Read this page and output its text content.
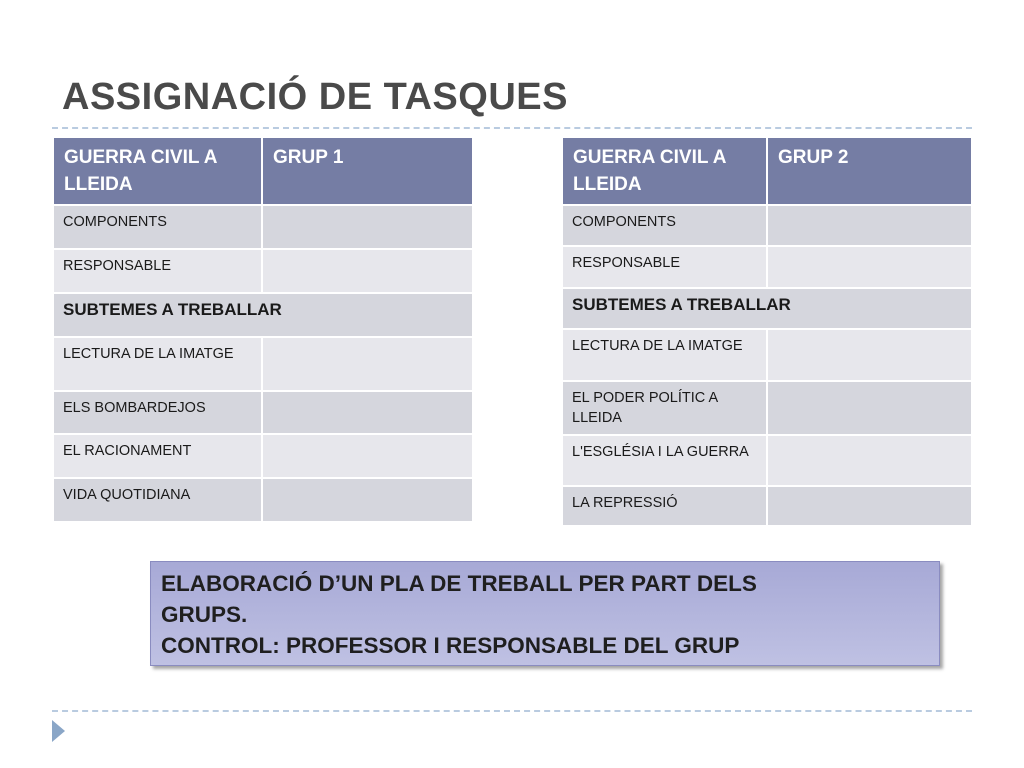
ASSIGNACIÓ DE TASQUES
GUERRA CIVIL A LLEIDA	GRUP 1
COMPONENTS	
RESPONSABLE	
SUBTEMES A TREBALLAR	
LECTURA DE LA IMATGE	
ELS BOMBARDEJOS	
EL RACIONAMENT	
VIDA QUOTIDIANA	
GUERRA CIVIL A LLEIDA	GRUP 2
COMPONENTS	
RESPONSABLE	
SUBTEMES A TREBALLAR	
LECTURA DE LA IMATGE	
EL PODER POLÍTIC A LLEIDA	
L'ESGLÉSIA I LA GUERRA	
LA REPRESSIÓ	
ELABORACIÓ D’UN PLA DE TREBALL PER PART DELS
GRUPS.
CONTROL: PROFESSOR I RESPONSABLE DEL GRUP
